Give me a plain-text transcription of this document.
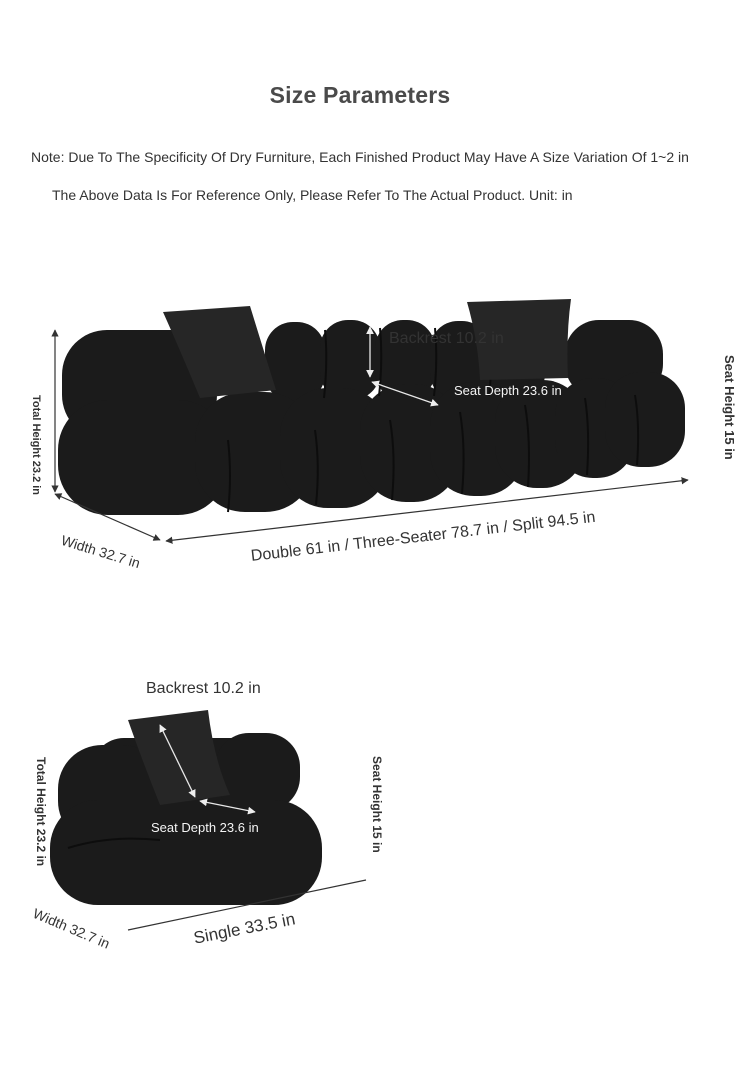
Size Parameters
Note: Due To The Specificity Of Dry Furniture, Each Finished Product May Have A Size Variation Of 1~2 in
The Above Data Is For Reference Only, Please Refer To The Actual Product. Unit: in
Backrest 10.2 in
Seat Depth 23.6 in	Seat Height 15 in
Total Height 23.2 in
Width 32.7 in	Double 61 in / Three-Seater 78.7 in / Split 94.5 in
Backrest 10.2 in
Seat Depth 23.6 in	Seat Height 15 in
Total Height 23.2 in
Width 32.7 in	Single 33.5 in
